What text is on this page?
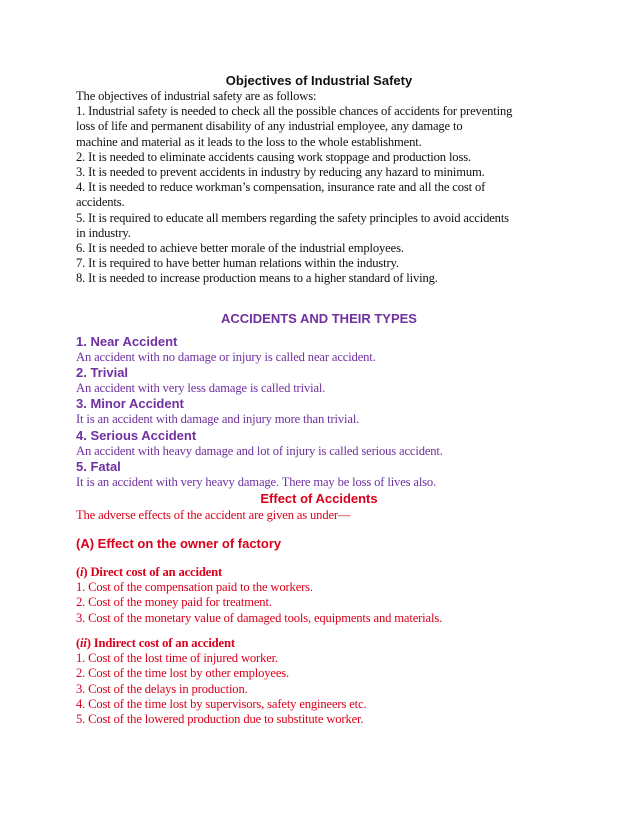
Objectives of Industrial Safety
The objectives of industrial safety are as follows:
1. Industrial safety is needed to check all the possible chances of accidents for preventing
loss of life and permanent disability of any industrial employee, any damage to
machine and material as it leads to the loss to the whole establishment.
2. It is needed to eliminate accidents causing work stoppage and production loss.
3. It is needed to prevent accidents in industry by reducing any hazard to minimum.
4. It is needed to reduce workman’s compensation, insurance rate and all the cost of
accidents.
5. It is required to educate all members regarding the safety principles to avoid accidents
in industry.
6. It is needed to achieve better morale of the industrial employees.
7. It is required to have better human relations within the industry.
8. It is needed to increase production means to a higher standard of living.
ACCIDENTS AND THEIR TYPES
1. Near Accident
An accident with no damage or injury is called near accident.
2. Trivial
An accident with very less damage is called trivial.
3. Minor Accident
It is an accident with damage and injury more than trivial.
4. Serious Accident
An accident with heavy damage and lot of injury is called serious accident.
5. Fatal
It is an accident with very heavy damage. There may be loss of lives also.
Effect of Accidents
The adverse effects of the accident are given as under—
(A) Effect on the owner of factory
(i) Direct cost of an accident
1. Cost of the compensation paid to the workers.
2. Cost of the money paid for treatment.
3. Cost of the monetary value of damaged tools, equipments and materials.
(ii) Indirect cost of an accident
1. Cost of the lost time of injured worker.
2. Cost of the time lost by other employees.
3. Cost of the delays in production.
4. Cost of the time lost by supervisors, safety engineers etc.
5. Cost of the lowered production due to substitute worker.
